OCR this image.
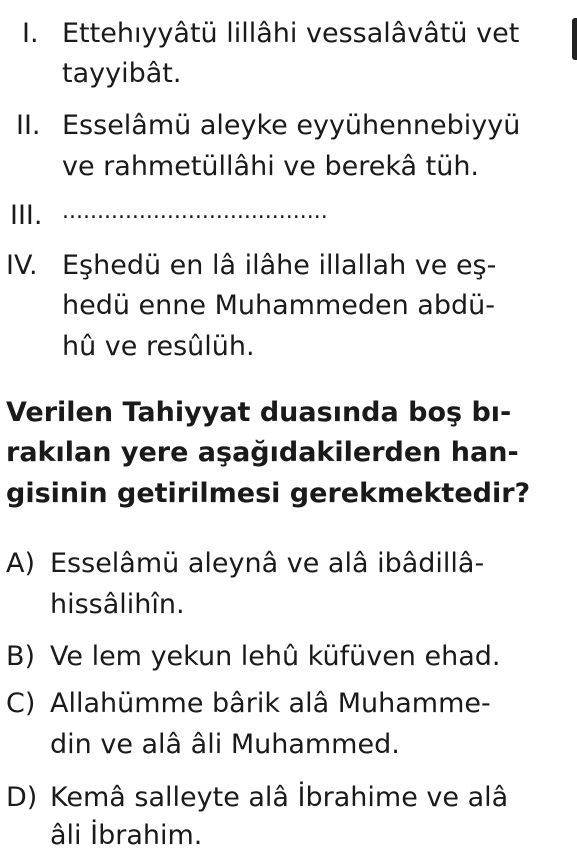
I. Ettehıyyâtü lillâhi vessalâvâtü vet
tayyibât.
II. Esselâmü aleyke eyyühennebiyyü
ve rahmetüllâhi ve berekâ tüh.
III. ......................................
IV. Eşhedü en lâ ilâhe illallah ve eş-
hedü enne Muhammeden abdü-
hû ve resûlüh.
Verilen Tahiyyat duasında boş bı-
rakılan yere aşağıdakilerden han-
gisinin getirilmesi gerekmektedir?
A) Esselâmü aleynâ ve alâ ibâdillâ-
hissâlihîn.
B) Ve lem yekun lehû küfüven ehad.
C) Allahümme bârik alâ Muhamme-
din ve alâ âli Muhammed.
D) Kemâ salleyte alâ İbrahime ve alâ
âli İbrahim.
